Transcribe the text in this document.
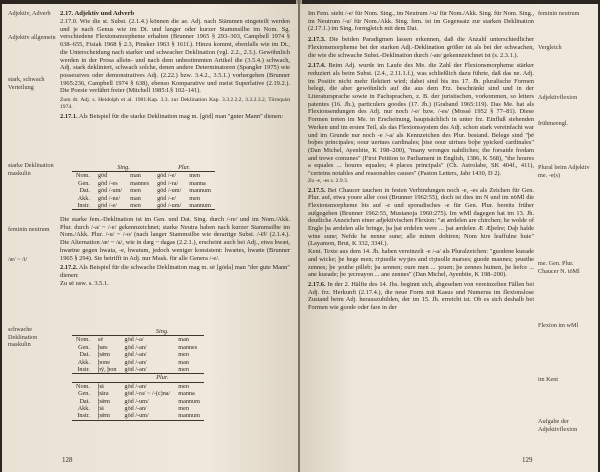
Adjektiv, Adverb
Adjektiv allgemein
stark, schwach Verteilung
starke Deklination maskulin
feminin neutrum
/æ/ ~ /i/
schwache Deklination maskulin

2.17. Adjektiv und Adverb

2.17.0. Wie die st. Subst. (2.1.4.) können die ae. Adj. nach Stämmen eingeteilt werden und je nach Genus wie im Dt. und langer oder kurzer Stammsilbe im Nom. Sg. verschiedene Flexionsmorpheme erhalten (Brunner 1965 § 293–303, Campbell 1974 § 638–655, Fisiak 1968 § 2.3, Pinsker 1963 § 161f.). Hinzu kommt, ebenfalls wie im Dt., die Unterscheidung nach starker und schwacher Deklination (vgl. 2.2., 2.3.). Gewöhnlich werden in der Prosa allein- und nach dem unbestimmten Artikel die (3.5.4.) schwach, Adj. stark dekliniert, schwach solche, denen andere Determinatoren (Spangler 1975) wie possessives oder demonstratives Adj. (2.22.) bzw. 3.4.2., 3.5.1.) vorhergehen (Brunner 1965:236, Campbell 1974 § 638), ebenso Komparative und meist Superlative (2.19.2.). Die Poesie verfährt freier (Mitchell 1985:I.§ 102–141).

Zum dt. Adj. s. Heidolph et al. 1981:Kap. 3.3. zur Deklination Kap. 3.3.2.2.2, 3.3.2.3.2, Törnquist 1974.

2.17.1. Als Beispiel für die starke Deklination mag m. [gōd] man "guter Mann" dienen:

	Sing.		Plur.	
Nom.	gōd	man	gōd /-e/	men
Gen.	gōd /-es	mannes	gōd /-ra/	manna
Dat.	gōd /-um/	men	gōd /-um/	mannum
Akk.	gōd /-ne/	man	gōd /-e/	men
Instr.	gōd /-e/	men	gōd /-um/	mannum

Die starke fem.-Deklination ist im Gen. und Dat. Sing. durch /-re/ und im Nom./Akk. Plur. durch /-a/ ~ /-e/ gekennzeichnet; starke Neutra haben nach kurzer Stammsilbe im Nom./Akk. Plur. /-u/ ~ /-o/ (nach langer Stammsilbe wie derartige Subst. /-Ø/ (2.1.4.). Die Alternation /æ/ ~ /a/, wie in dæg ~ dagas (2.2.1.), erscheint auch bei Adj., etwa hwæt, hwætne gegen hwata, -e, hwatum, jedoch weniger konsistent: hwætes, hwæte (Brunner 1965 § 294). Sie betrifft in Adj. nur Mask. für alle Genera /-e/.

2.17.2. Als Beispiel für die schwache Deklination mag m. sē [gōda] man "der gute Mann" dienen:

Zu sē usw. s. 3.5.1.

		Sing.	
Nom.	sē	gōd /-a/	man
Gen.	þæs	gōd /-an/	mannes
Dat.	þǣm	gōd /-an/	men
Akk.	þone	gōd /-an/	man
Instr.	þȳ, þon	gōd /-an/	men
		Plur.	
Nom.	þā	gōd /-an/	men
Gen.	þāra	gōd /-ra/ ~ /-(c)na/	manna
Dat.	þǣm	gōd /-um/	mannum
Akk.	þā	gōd /-an/	men
Instr.	þǣm	gōd /-um/	mannum
128
feminin neutrum
Vergleich
Adjektivflexion
frühmeengl.
Plural beim Adjektiv me. -e(s)
me. Gen. Plur. Chaucer N. töMl
Flexion im wMl
im Kent
Aufgabe der Adjektivflexion

Im Fem. steht /-e/ für Nom. Sing., im Neutrum /-u/ für Nom./Akk. Sing. für Nom. Sing., im Neutrum /-u/ für Nom./Akk. Sing. fem. ist im Gegensatz zur starken Deklination (2.17.1.) im Sing. formgleich mit dem Dat.

2.17.3. Die beiden Paradigmen lassen erkennen, daß die Anzahl unterschiedlicher Flexionsmorpheme bei der starken Adj.-Deklination größer ist als bei der schwachen, die wie die schwache Subst.-Deklination durch /-an/ gekennzeichnet ist (s. 2.3.1.).

2.17.4. Beim Adj. wurde im Laufe des Me. die Zahl der Flexionsmorpheme stärker reduziert als beim Subst. (2.4., 2.11.1.f.), was schließlich dazu führte, daß das ne. Adj. im Positiv nicht mehr flektiert wird; dabei sind bis ins 17. Jh. pluralische Formen belegt, die aber gewöhnlich auf die aus dem Frz. beschränkt sind und in der Literatursprache sowie in Fachsprachen, z. B. der juristischen, vorkommen, so letters patentes (16. Jh.), particulers goodes (17. Jh.) (Graband 1965:119). Das Me. hat als Flexionsendungen des Adj. nur noch /-e/ bzw. /-es/ (Mossé 1952 § 77–81). Diese Formen treten im Me. in Erscheinung, hauptsächlich in unter frz. Einfluß stehenden Werken und im ersten Teil, als das Flexionssystem des Adj. schon stark vereinfacht war und im Grunde nur noch -e /-a/ als Kennzeichen des Plur. bestand. Belege sind "þē boþes principales; oour uertues cardinales; þise oour uirtues boþe ypicked cardinales" (Dan Michel, Ayenbite, K 198–200), "many wronges nahtliches; the forsaide fredam and trewe comunes" (First Petition to Parliament in English, 1386, K 568), "the houres a equales ... houres equales; 4 places principals" (Ch. Astrolabe, SK 404f., 411), "certeins notables and reasonables causes" (Paston Letters, Jahr 1430, D 2).

Zu -e, -es s. 2.9.3.

2.17.5. Bei Chaucer tauchen in festen Verbindungen noch -e, -es als Zeichen für Gen. Plur. auf, etwa youre aller cost (Brunner 1962:55), doch ist dies im N und im nöMl die Flexionsmorpheme bis auf -e und sporadisches -e für Gen. Plur. bereits früher aufgegeben (Brunner 1962:55, Mustanoja 1960:275). Im wMl dagegen hat im 13. Jh. deutliche Anzeichen einer adjektivischen Flexion: "at ærdelen are chirchen; he wolde of Engle þa ærdelen alle bringe, þa þat erdelen were ... þat ærdelen Æ Æþelre; Daþ halde wine sune; Nefde he nenne sune; alle minen dohtren; Nom hire leaffulne huie" (Layamon, Brut, K 332, 334f.).

Kent. Texte aus dem 14. Jh. haben vereinzelt -e /-a/ als Pluralzeichen: "guodene kueade and wicke; þe hege men; riȝtuolle wyȝtes and riȝtuolle marses; guode mannes; ȝeuethe zennes; þe ȝeuthe pilleb; þa sennen; oure men ... ȝeuen; þe zennes huinen, þe hefce ... ane kueade; þe ȝecreayon ... ane zennes" (Dan Michel, Ayenbite, K 198–200).

2.17.6. In der 2. Hälfte des 14. Jhs. beginnt sich, abgesehen von vereinzelten Fällen bei Adj. frz. Herkunft (2.17.4.), die neue Form mit Kasus und Numerus im flexionslose Zustand beim Adj. herauszubilden, der im 15. Jh. erreicht ist. Ob es sich deshalb bei Formen wie goode oder fare in der

129
